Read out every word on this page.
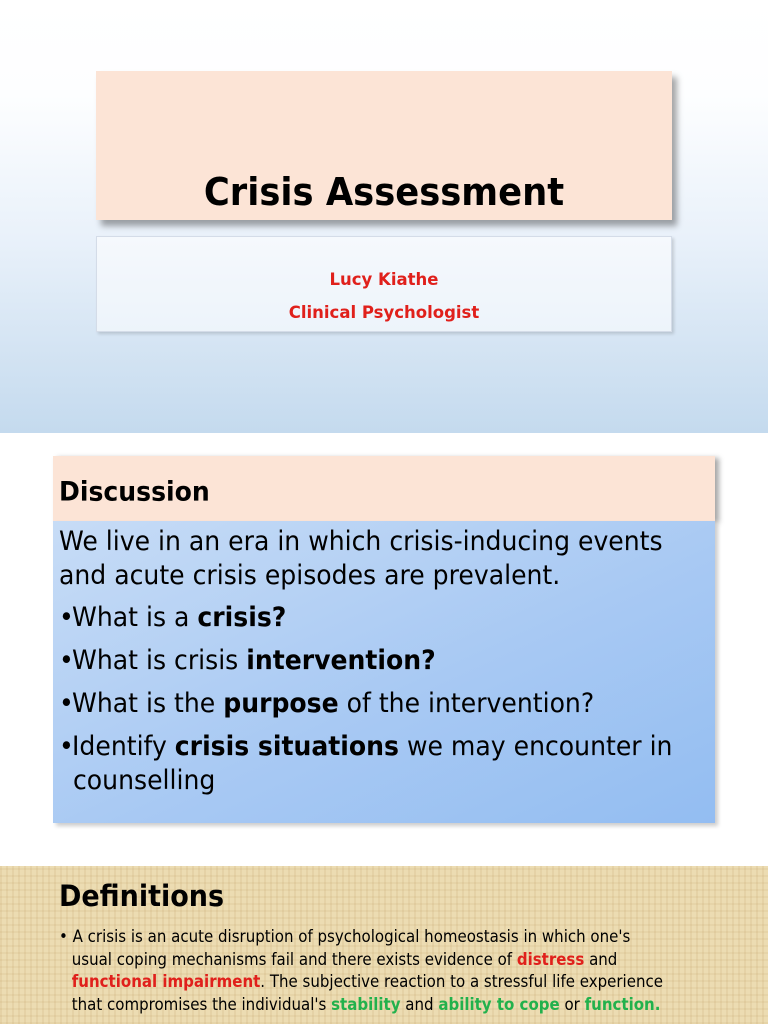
Crisis Assessment
Lucy Kiathe
Clinical Psychologist
Discussion
We live in an era in which crisis-inducing events
and acute crisis episodes are prevalent.
•What is a crisis?
•What is crisis intervention?
•What is the purpose of the intervention?
•Identify crisis situations we may encounter in
counselling
Definitions
• A crisis is an acute disruption of psychological homeostasis in which one's
usual coping mechanisms fail and there exists evidence of distress and
functional impairment. The subjective reaction to a stressful life experience
that compromises the individual's stability and ability to cope or function.
